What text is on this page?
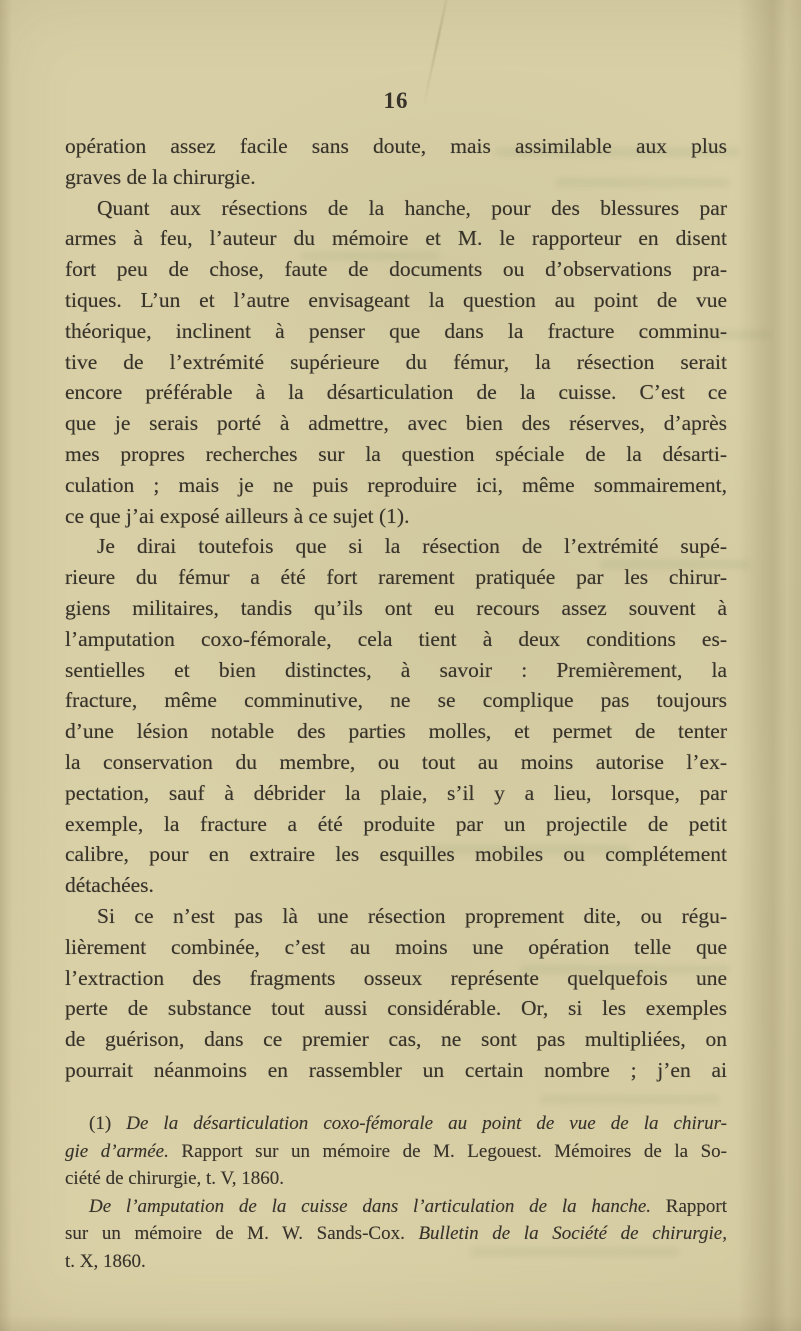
16
opération assez facile sans doute, mais assimilable aux plus
graves de la chirurgie.
Quant aux résections de la hanche, pour des blessures par
armes à feu, l’auteur du mémoire et M. le rapporteur en disent
fort peu de chose, faute de documents ou d’observations pra-
tiques. L’un et l’autre envisageant la question au point de vue
théorique, inclinent à penser que dans la fracture comminu-
tive de l’extrémité supérieure du fémur, la résection serait
encore préférable à la désarticulation de la cuisse. C’est ce
que je serais porté à admettre, avec bien des réserves, d’après
mes propres recherches sur la question spéciale de la désarti-
culation ; mais je ne puis reproduire ici, même sommairement,
ce que j’ai exposé ailleurs à ce sujet (1).
Je dirai toutefois que si la résection de l’extrémité supé-
rieure du fémur a été fort rarement pratiquée par les chirur-
giens militaires, tandis qu’ils ont eu recours assez souvent à
l’amputation coxo-fémorale, cela tient à deux conditions es-
sentielles et bien distinctes, à savoir : Premièrement, la
fracture, même comminutive, ne se complique pas toujours
d’une lésion notable des parties molles, et permet de tenter
la conservation du membre, ou tout au moins autorise l’ex-
pectation, sauf à débrider la plaie, s’il y a lieu, lorsque, par
exemple, la fracture a été produite par un projectile de petit
calibre, pour en extraire les esquilles mobiles ou complétement
détachées.
Si ce n’est pas là une résection proprement dite, ou régu-
lièrement combinée, c’est au moins une opération telle que
l’extraction des fragments osseux représente quelquefois une
perte de substance tout aussi considérable. Or, si les exemples
de guérison, dans ce premier cas, ne sont pas multipliées, on
pourrait néanmoins en rassembler un certain nombre ; j’en ai
(1) De la désarticulation coxo-fémorale au point de vue de la chirur-
gie d’armée. Rapport sur un mémoire de M. Legouest. Mémoires de la So-
ciété de chirurgie, t. V, 1860.
De l’amputation de la cuisse dans l’articulation de la hanche. Rapport
sur un mémoire de M. W. Sands-Cox. Bulletin de la Société de chirurgie,
t. X, 1860.
